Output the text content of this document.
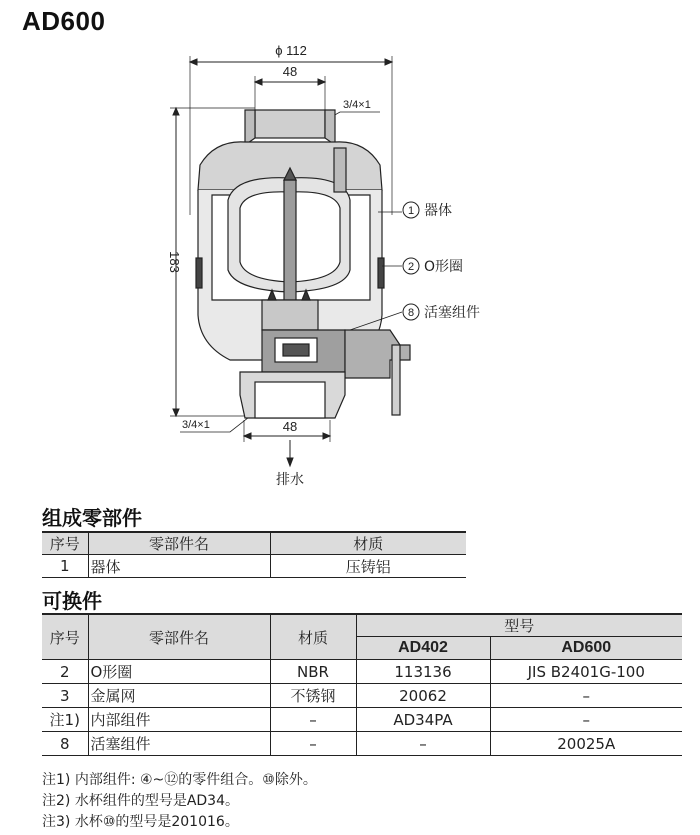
AD600
1
2
8
器体
O形圈
活塞组件
ϕ 112
48
48
3/4×1
3/4×1
183
排水
组成零部件
序号	零部件名	材质
1	器体	压铸铝
可换件
序号	零部件名	材质	型号	
			AD402	AD600
2	O形圈	NBR	113136	JIS B2401G-100
3	金属网	不锈钢	20062	–
注1)	内部组件	–	AD34PA	–
8	活塞组件	–	–	20025A
注1) 内部组件: ④~⑫的零件组合。⑩除外。
注2) 水杯组件的型号是AD34。
注3) 水杯⑩的型号是201016。
